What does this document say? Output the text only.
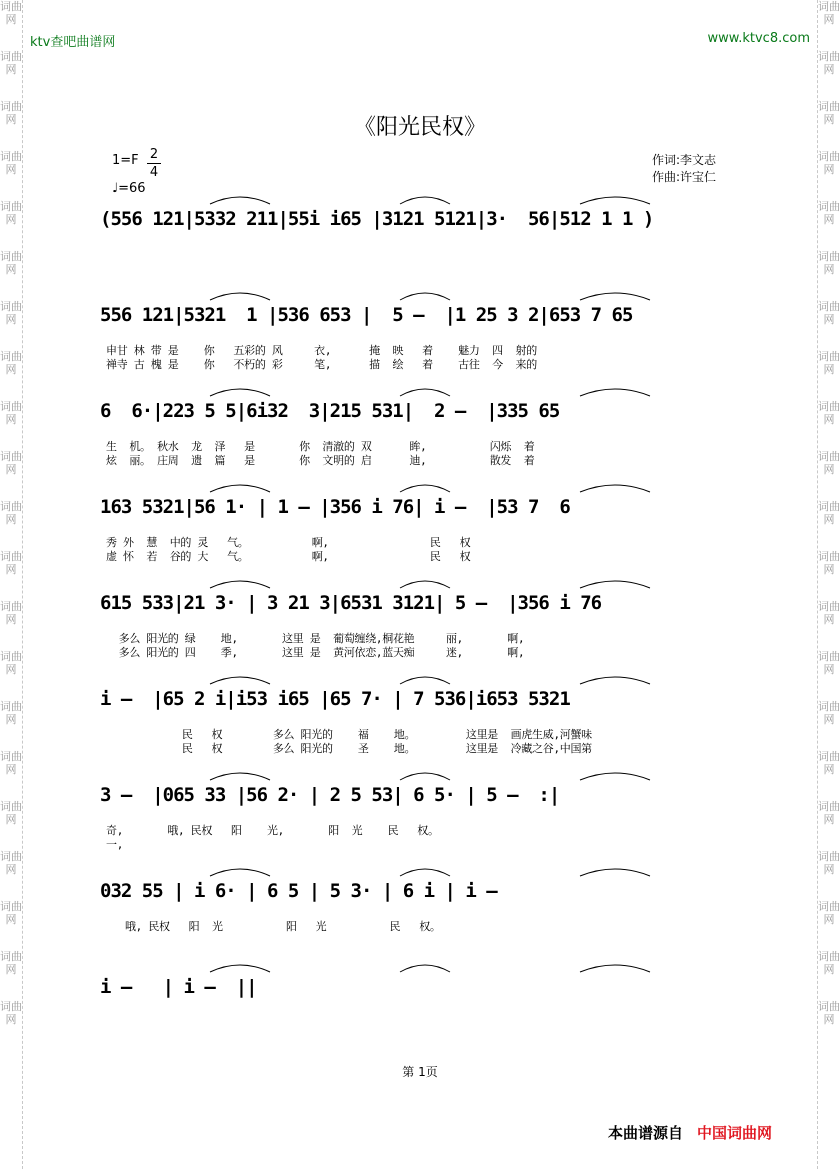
词曲网
词曲网
词曲网
词曲网
词曲网
词曲网
词曲网
词曲网
词曲网
词曲网
词曲网
词曲网
词曲网
词曲网
词曲网
词曲网
词曲网
词曲网
词曲网
词曲网
词曲网
词曲网
词曲网
词曲网
词曲网
词曲网
词曲网
词曲网
词曲网
词曲网
词曲网
词曲网
词曲网
词曲网
词曲网
词曲网
词曲网
词曲网
词曲网
词曲网
词曲网
词曲网
ktv查吧曲谱网	www.ktvc8.com
《阳光民权》
1=F 2
4
♩=66
作词:李文志
作曲:许宝仁
(556 121|5332 211|55i i65 |3121 5121|3·  56|512 1 1 )
556 121|5321  1 |536 653 |  5 —  |1 25 3 2|653 7 65
申甘 林 带 是    你   五彩的 风     衣,      掩  映   着    魅力  四  射的
禅寺 古 槐 是    你   不朽的 彩     笔,      描  绘   着    古往  今  来的
6  6·|223 5 5|6i32  3|215 531|  2 —  |335 65
生  机。 秋水  龙  泽   是       你  清澈的 双      眸,          闪烁  着
炫  丽。 庄周  遗  篇   是       你  文明的 启      迪,          散发  着
163 5321|56 1· | 1 — |356 i 76| i —  |53 7  6
秀 外  慧  中的 灵   气。          啊,                民   权
虚 怀  若  谷的 大   气。          啊,                民   权
615 533|21 3· | 3 21 3|6531 3121| 5 —  |356 i 76
多么 阳光的 绿    地,       这里 是  葡萄缠绕,桐花艳     丽,       啊,
多么 阳光的 四    季,       这里 是  黄河依恋,蓝天痴     迷,       啊,
i —  |65 2 i|i53 i65 |65 7· | 7 536|i653 5321
民   权        多么 阳光的    福    地。        这里是  画虎生威,河蟹味
民   权        多么 阳光的    圣    地。        这里是  冷藏之谷,中国第
3 —  |065 33 |56 2· | 2 5 53| 6 5· | 5 —  :|
奇,       哦, 民权   阳    光,       阳  光    民   权。
一,
032 55 | i 6· | 6 5 | 5 3· | 6 i | i —
哦, 民权   阳  光          阳   光          民   权。
i —   | i —  ||
第 1页
本曲谱源自 中国词曲网
